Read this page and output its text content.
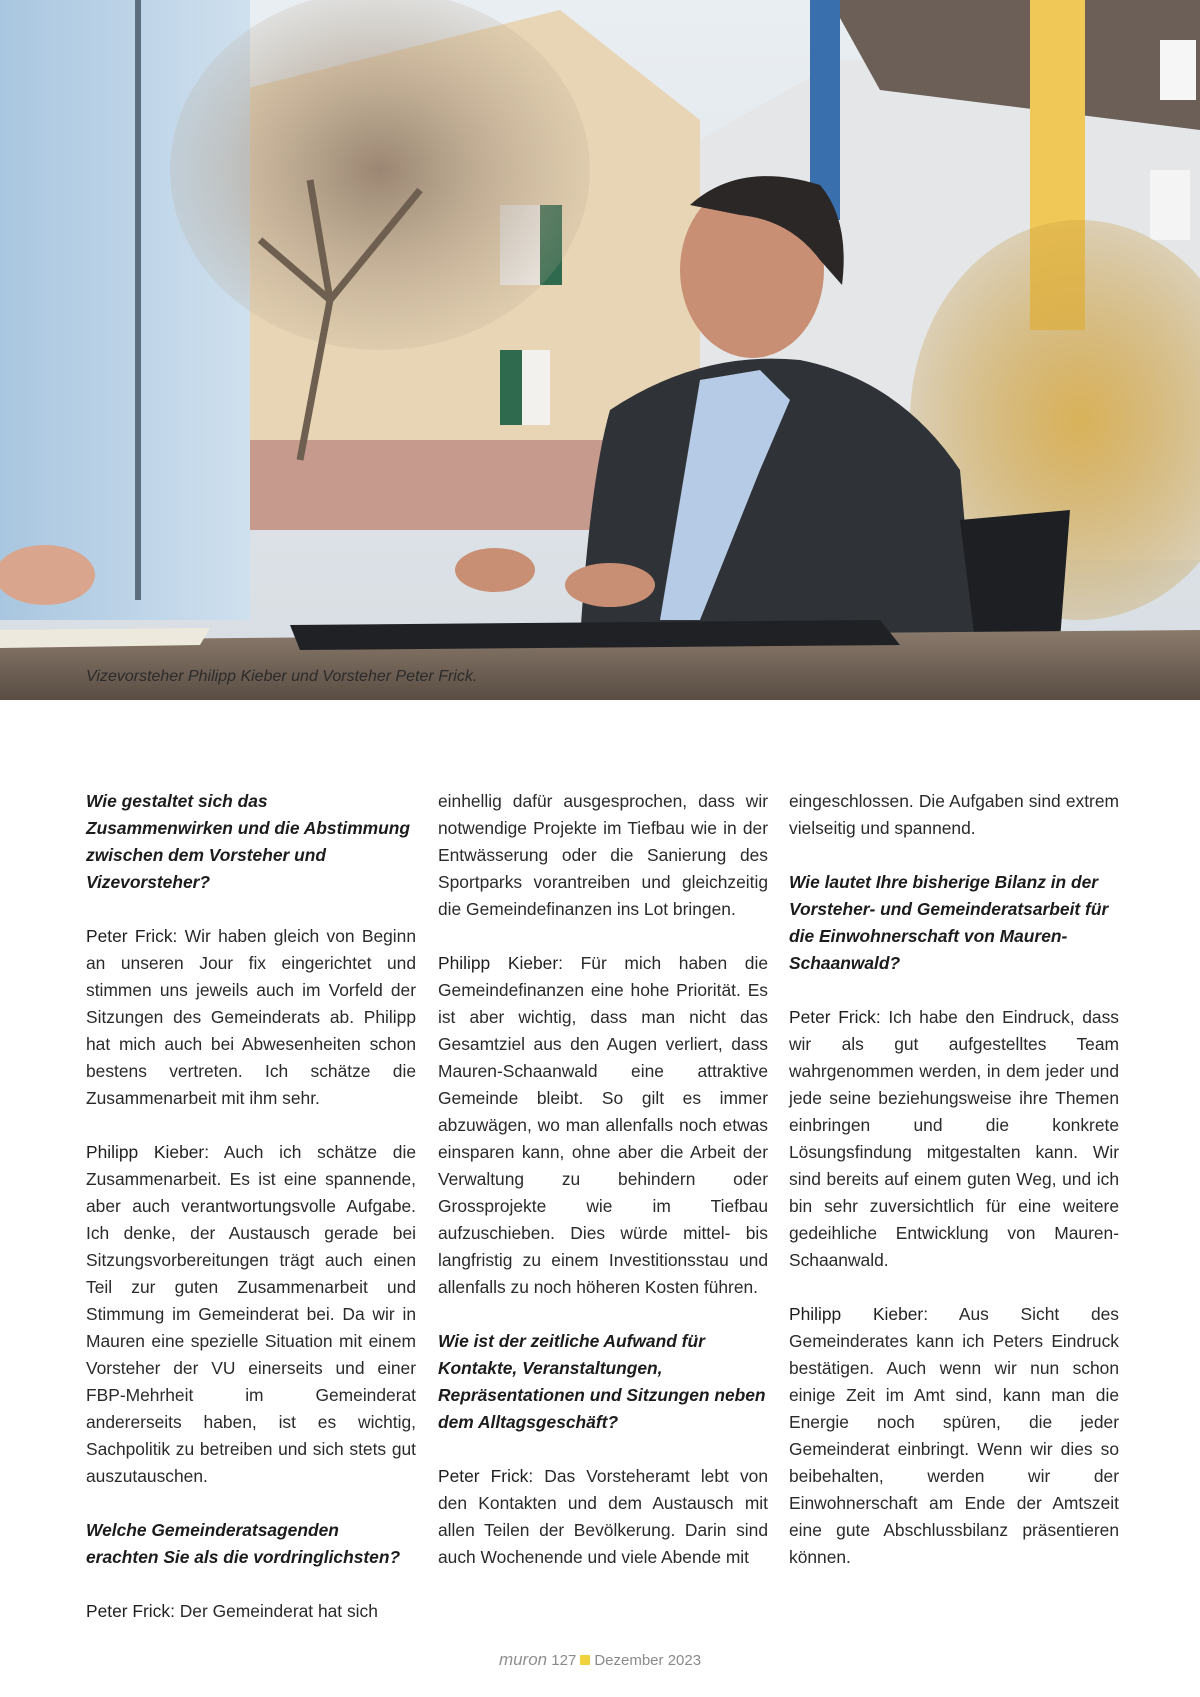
Vizevorsteher Philipp Kieber und Vorsteher Peter Frick.

Wie gestaltet sich das Zusammenwirken und die Abstimmung zwischen dem Vorsteher und Vizevorsteher?

Peter Frick: Wir haben gleich von Beginn an unseren Jour fix eingerichtet und stimmen uns jeweils auch im Vorfeld der Sitzungen des Gemeinderats ab. Philipp hat mich auch bei Abwesenheiten schon bestens vertreten. Ich schätze die Zusammenarbeit mit ihm sehr.

Philipp Kieber: Auch ich schätze die Zusammenarbeit. Es ist eine spannende, aber auch verantwortungsvolle Aufgabe. Ich denke, der Austausch gerade bei Sitzungsvorbereitungen trägt auch einen Teil zur guten Zusammenarbeit und Stimmung im Gemeinderat bei. Da wir in Mauren eine spezielle Situation mit einem Vorsteher der VU einerseits und einer FBP-Mehrheit im Gemeinderat andererseits haben, ist es wichtig, Sachpolitik zu betreiben und sich stets gut auszutauschen.

Welche Gemeinderatsagenden erachten Sie als die vordringlichsten?

Peter Frick: Der Gemeinderat hat sich

einhellig dafür ausgesprochen, dass wir notwendige Projekte im Tiefbau wie in der Entwässerung oder die Sanierung des Sportparks vorantreiben und gleichzeitig die Gemeindefinanzen ins Lot bringen.

Philipp Kieber: Für mich haben die Gemeindefinanzen eine hohe Priorität. Es ist aber wichtig, dass man nicht das Gesamtziel aus den Augen verliert, dass Mauren-Schaanwald eine attraktive Gemeinde bleibt. So gilt es immer abzuwägen, wo man allenfalls noch etwas einsparen kann, ohne aber die Arbeit der Verwaltung zu behindern oder Grossprojekte wie im Tiefbau aufzuschieben. Dies würde mittel- bis langfristig zu einem Investitionsstau und allenfalls zu noch höheren Kosten führen.

Wie ist der zeitliche Aufwand für Kontakte, Veranstaltungen, Repräsentationen und Sitzungen neben dem Alltagsgeschäft?

Peter Frick: Das Vorsteheramt lebt von den Kontakten und dem Austausch mit allen Teilen der Bevölkerung. Darin sind auch Wochenende und viele Abende mit

eingeschlossen. Die Aufgaben sind extrem vielseitig und spannend.

Wie lautet Ihre bisherige Bilanz in der Vorsteher- und Gemeinderatsarbeit für die Einwohnerschaft von Mauren-Schaanwald?

Peter Frick: Ich habe den Eindruck, dass wir als gut aufgestelltes Team wahrgenommen werden, in dem jeder und jede seine beziehungsweise ihre Themen einbringen und die konkrete Lösungsfindung mitgestalten kann. Wir sind bereits auf einem guten Weg, und ich bin sehr zuversichtlich für eine weitere gedeihliche Entwicklung von Mauren-Schaanwald.

Philipp Kieber: Aus Sicht des Gemeinderates kann ich Peters Eindruck bestätigen. Auch wenn wir nun schon einige Zeit im Amt sind, kann man die Energie noch spüren, die jeder Gemeinderat einbringt. Wenn wir dies so beibehalten, werden wir der Einwohnerschaft am Ende der Amtszeit eine gute Abschlussbilanz präsentieren können.

muron 127 Dezember 2023
